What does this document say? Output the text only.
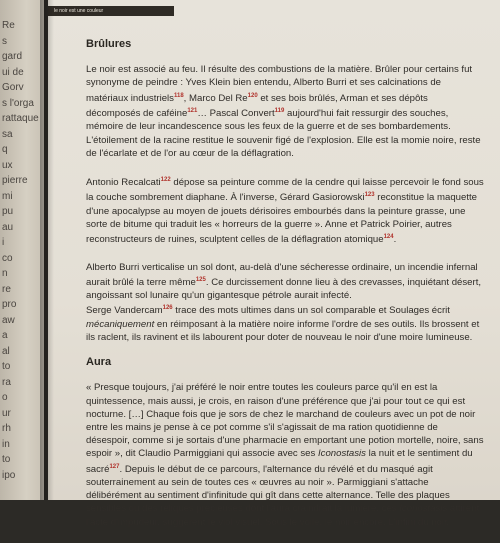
Re
s
gard
ui de
Gorv
s l'orga
rattaque
sa
q
ux
pierre
mi
pu
au
i
co
n
re
pro
aw
a
al
to
ra
o
ur
rh
in
to
ipo
le noir est une couleur
Brûlures

Le noir est associé au feu. Il résulte des combustions de la matière. Brûler pour certains fut synonyme de peindre : Yves Klein bien entendu, Alberto Burri et ses calcinations de matériaux industriels$^{118}$, Marco Del Re$^{120}$ et ses bois brûlés, Arman et ses dépôts décomposés de caféine$^{121}$… Pascal Convert$^{119}$ aujourd'hui fait ressurgir des souches, mémoire de leur incandescence sous les feux de la guerre et de ses bombardements. L'étoilement de la racine restitue le souvenir figé de l'explosion. Elle est la momie noire, reste de l'écarlate et de l'or au cœur de la déflagration.

Antonio Recalcati$^{122}$ dépose sa peinture comme de la cendre qui laisse percevoir le fond sous la couche sombrement diaphane. À l'inverse, Gérard Gasiorowski$^{123}$ reconstitue la maquette d'une apocalypse au moyen de jouets dérisoires embourbés dans la peinture grasse, une sorte de bitume qui traduit les « horreurs de la guerre ». Anne et Patrick Poirier, autres reconstructeurs de ruines, sculptent celles de la déflagration atomique$^{124}$.

Alberto Burri verticalise un sol dont, au-delà d'une sécheresse ordinaire, un incendie infernal aurait brûlé la terre même$^{125}$. Ce durcissement donne lieu à des crevasses, inquiétant désert, angoissant sol lunaire qu'un gigantesque pétrole aurait infecté.

Serge Vandercam$^{126}$ trace des mots ultimes dans un sol comparable et Soulages écrit mécaniquement en réimposant à la matière noire informe l'ordre de ses outils. Ils brossent et ils raclent, ils ravinent et ils labourent pour doter de nouveau le noir d'une moire lumineuse.

Aura

« Presque toujours, j'ai préféré le noir entre toutes les couleurs parce qu'il en est la quintessence, mais aussi, je crois, en raison d'une préférence que j'ai pour tout ce qui est nocturne. […] Chaque fois que je sors de chez le marchand de couleurs avec un pot de noir entre les mains je pense à ce pot comme s'il s'agissait de ma ration quotidienne de désespoir, comme si je sortais d'une pharmacie en emportant une potion mortelle, noire, sans espoir », dit Claudio Parmiggiani qui associe avec ses Iconostasis la nuit et le sentiment du sacré$^{127}$. Depuis le début de ce parcours, l'alternance du révélé et du masqué agit souterrainement au sein de toutes ces « œuvres au noir ». Parmiggiani s'attache délibérément au sentiment d'infinitude qui gît dans cette alternance. Telle des plaques sensibles ou des reliques précieuses dont l'aura craindrait la lumière, ces Iconostasis attirent l'acte d'impudeur, suggèrent le viol visuel. Sous le voile, le noir encore. L'infini du noir.
